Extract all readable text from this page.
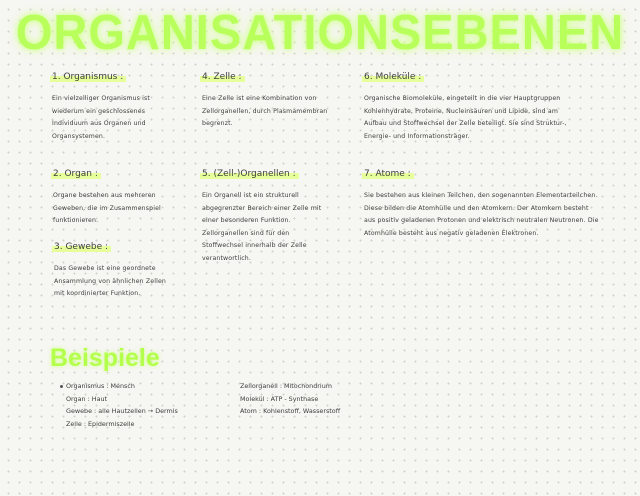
ORGANISATIONSEBENEN
1. Organismus :
Ein vielzelliger Organismus ist wiederum ein geschlossenes Individuum aus Organen und Organsystemen.
2. Organ :
Organe bestehen aus mehreren Geweben, die im Zusammenspiel funktionieren.
3. Gewebe :
Das Gewebe ist eine geordnete Ansammlung von ähnlichen Zellen mit koordinierter Funktion.
4. Zelle :
Eine Zelle ist eine Kombination von Zellorganellen, durch Plasmamembran begrenzt.
5. (Zell-)Organellen :
Ein Organell ist ein strukturell abgegrenzter Bereich einer Zelle mit einer besonderen Funktion. Zellorganellen sind für den Stoffwechsel innerhalb der Zelle verantwortlich.
6. Moleküle :
Organische Biomoleküle, eingeteilt in die vier Hauptgruppen Kohlenhydrate, Proteine, Nucleinsäuren und Lipide, sind am Aufbau und Stoffwechsel der Zelle beteiligt. Sie sind Struktur-, Energie- und Informationsträger.
7. Atome :
Sie bestehen aus kleinen Teilchen, den sogenannten Elementarteilchen. Diese bilden die Atomhülle und den Atomkern. Der Atomkern besteht aus positiv geladenen Protonen und elektrisch neutralen Neutronen. Die Atomhülle besteht aus negativ geladenen Elektronen.
Beispiele
Organismus : Mensch
Organ : Haut
Gewebe : alle Hautzellen → Dermis
Zelle : Epidermiszelle
Zellorganell : Mitochondrium
Molekül : ATP - Synthase
Atom : Kohlenstoff, Wasserstoff
